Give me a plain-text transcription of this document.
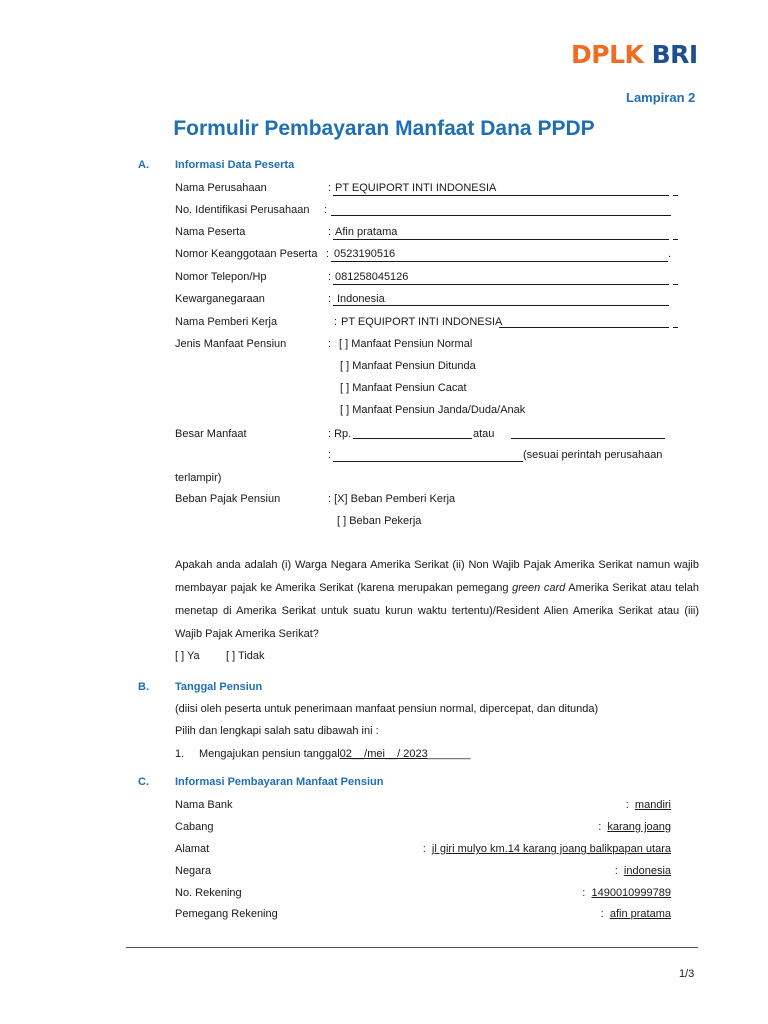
DPLK BRI
Lampiran 2
Formulir Pembayaran Manfaat Dana PPDP
A. Informasi Data Peserta
Nama Perusahaan	: PT EQUIPORT INTI INDONESIA
No. Identifikasi Perusahaan :
Nama Peserta	: Afin pratama
Nomor Keanggotaan Peserta : 0523190516	.
Nomor Telepon/Hp	: 081258045126
Kewarganegaraan	: Indonesia
Nama Pemberi Kerja	: PT EQUIPORT INTI INDONESIA
Jenis Manfaat Pensiun	: [ ] Manfaat Pensiun Normal
[ ] Manfaat Pensiun Ditunda
[ ] Manfaat Pensiun Cacat
[ ] Manfaat Pensiun Janda/Duda/Anak
Besar Manfaat	: Rp.	atau
:	(sesuai perintah perusahaan
terlampir)
Beban Pajak Pensiun	: [X] Beban Pemberi Kerja
[ ] Beban Pekerja
Apakah anda adalah (i) Warga Negara Amerika Serikat (ii) Non Wajib Pajak Amerika Serikat namun wajib membayar pajak ke Amerika Serikat (karena merupakan pemegang green card Amerika Serikat atau telah menetap di Amerika Serikat untuk suatu kurun waktu tertentu)/Resident Alien Amerika Serikat atau (iii) Wajib Pajak Amerika Serikat?
[ ] Ya [ ] Tidak
B. Tanggal Pensiun
(diisi oleh peserta untuk penerimaan manfaat pensiun normal, dipercepat, dan ditunda)
Pilih dan lengkapi salah satu dibawah ini :
1. Mengajukan pensiun tanggal02__/mei__/ 2023_______
C. Informasi Pembayaran Manfaat Pensiun
Nama Bank	:  mandiri
Cabang	:  karang joang
Alamat	:  jl giri mulyo km.14 karang joang balikpapan utara
Negara	:  indonesia
No. Rekening	:  1490010999789
Pemegang Rekening	:  afin pratama
1/3
